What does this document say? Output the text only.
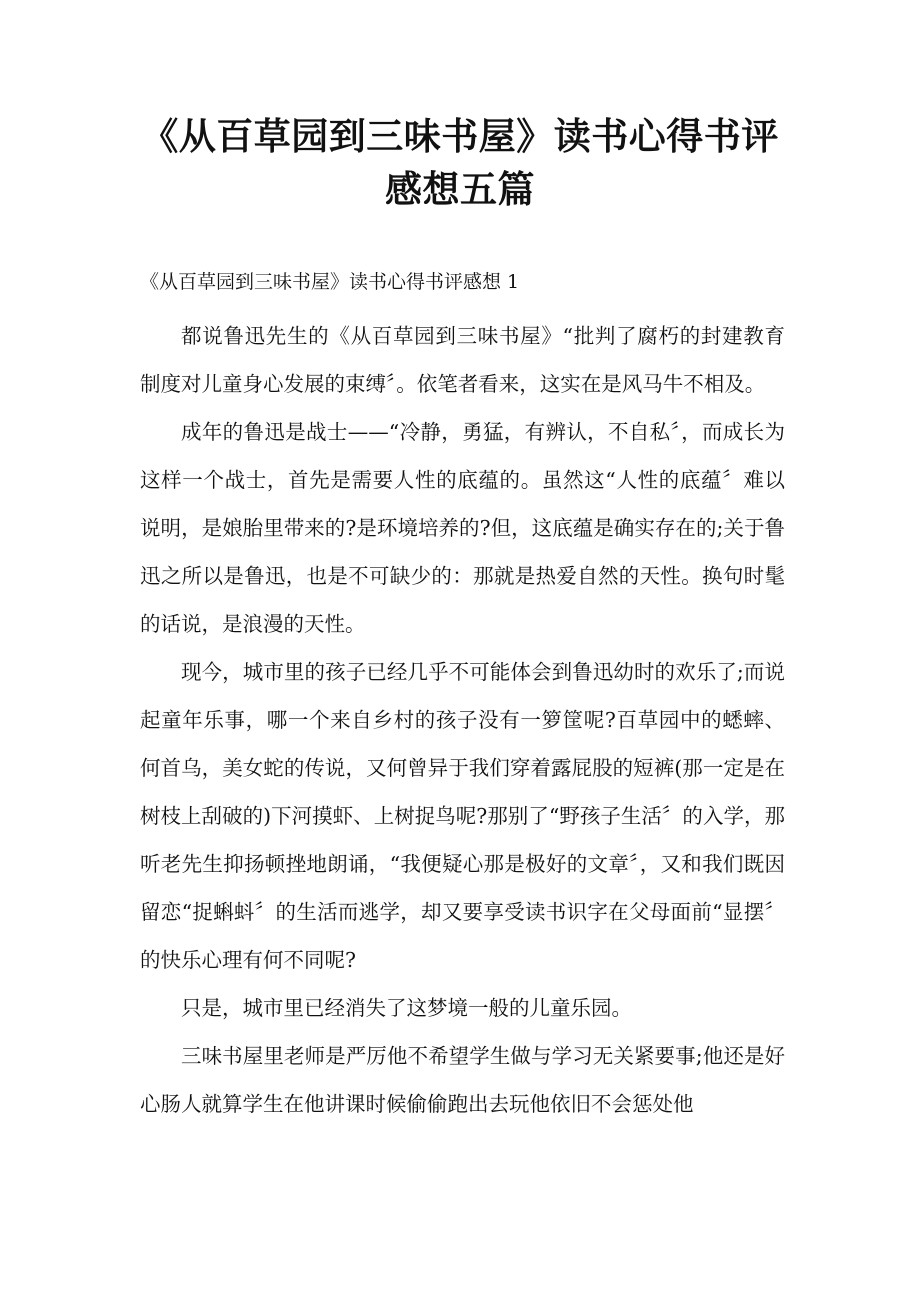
《从百草园到三味书屋》读书心得书评
感想五篇

《从百草园到三味书屋》读书心得书评感想 1

都说鲁迅先生的《从百草园到三味书屋》“批判了腐朽的封建教育制度对儿童身心发展的束缚〞。依笔者看来，这实在是风马牛不相及。

成年的鲁迅是战士——“冷静，勇猛，有辨认，不自私〞，而成长为这样一个战士，首先是需要人性的底蕴的。虽然这“人性的底蕴〞难以说明，是娘胎里带来的?是环境培养的?但，这底蕴是确实存在的;关于鲁迅之所以是鲁迅，也是不可缺少的：那就是热爱自然的天性。换句时髦的话说，是浪漫的天性。

现今，城市里的孩子已经几乎不可能体会到鲁迅幼时的欢乐了;而说起童年乐事，哪一个来自乡村的孩子没有一箩筐呢?百草园中的蟋蟀、何首乌，美女蛇的传说，又何曾异于我们穿着露屁股的短裤(那一定是在树枝上刮破的)下河摸虾、上树捉鸟呢?那别了“野孩子生活〞的入学，那听老先生抑扬顿挫地朗诵，“我便疑心那是极好的文章〞，又和我们既因留恋“捉蝌蚪〞的生活而逃学，却又要享受读书识字在父母面前“显摆〞的快乐心理有何不同呢?

只是，城市里已经消失了这梦境一般的儿童乐园。

三味书屋里老师是严厉他不希望学生做与学习无关紧要事;他还是好心肠人就算学生在他讲课时候偷偷跑出去玩他依旧不会惩处他
